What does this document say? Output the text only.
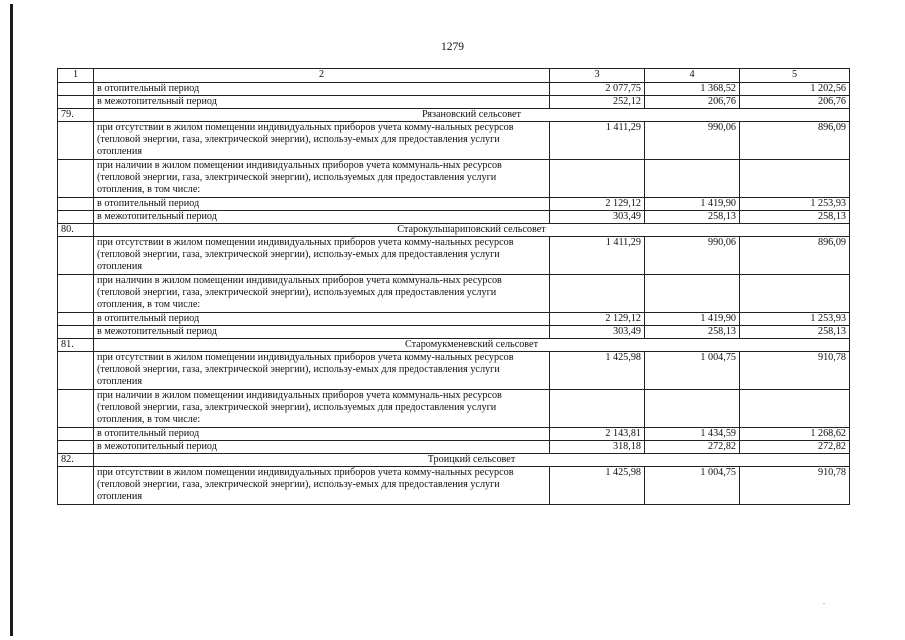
1279
1	2	3	4	5
	в отопительный период	2 077,75	1 368,52	1 202,56
	в межотопительный период	252,12	206,76	206,76
79.	Рязановский сельсовет			
	при отсутствии в жилом помещении индивидуальных приборов учета комму-нальных ресурсов (тепловой энергии, газа, электрической энергии), использу-емых для предоставления услуги отопления	1 411,29	990,06	896,09
	при наличии в жилом помещении индивидуальных приборов учета коммуналь-ных ресурсов (тепловой энергии, газа, электрической энергии), используемых для предоставления услуги отопления, в том числе:			
	в отопительный период	2 129,12	1 419,90	1 253,93
	в межотопительный период	303,49	258,13	258,13
80.	Старокульшариповский сельсовет			
	при отсутствии в жилом помещении индивидуальных приборов учета комму-нальных ресурсов (тепловой энергии, газа, электрической энергии), использу-емых для предоставления услуги отопления	1 411,29	990,06	896,09
	при наличии в жилом помещении индивидуальных приборов учета коммуналь-ных ресурсов (тепловой энергии, газа, электрической энергии), используемых для предоставления услуги отопления, в том числе:			
	в отопительный период	2 129,12	1 419,90	1 253,93
	в межотопительный период	303,49	258,13	258,13
81.	Старомукменевский сельсовет			
	при отсутствии в жилом помещении индивидуальных приборов учета комму-нальных ресурсов (тепловой энергии, газа, электрической энергии), использу-емых для предоставления услуги отопления	1 425,98	1 004,75	910,78
	при наличии в жилом помещении индивидуальных приборов учета коммуналь-ных ресурсов (тепловой энергии, газа, электрической энергии), используемых для предоставления услуги отопления, в том числе:			
	в отопительный период	2 143,81	1 434,59	1 268,62
	в межотопительный период	318,18	272,82	272,82
82.	Троицкий сельсовет			
	при отсутствии в жилом помещении индивидуальных приборов учета комму-нальных ресурсов (тепловой энергии, газа, электрической энергии), использу-емых для предоставления услуги отопления	1 425,98	1 004,75	910,78
